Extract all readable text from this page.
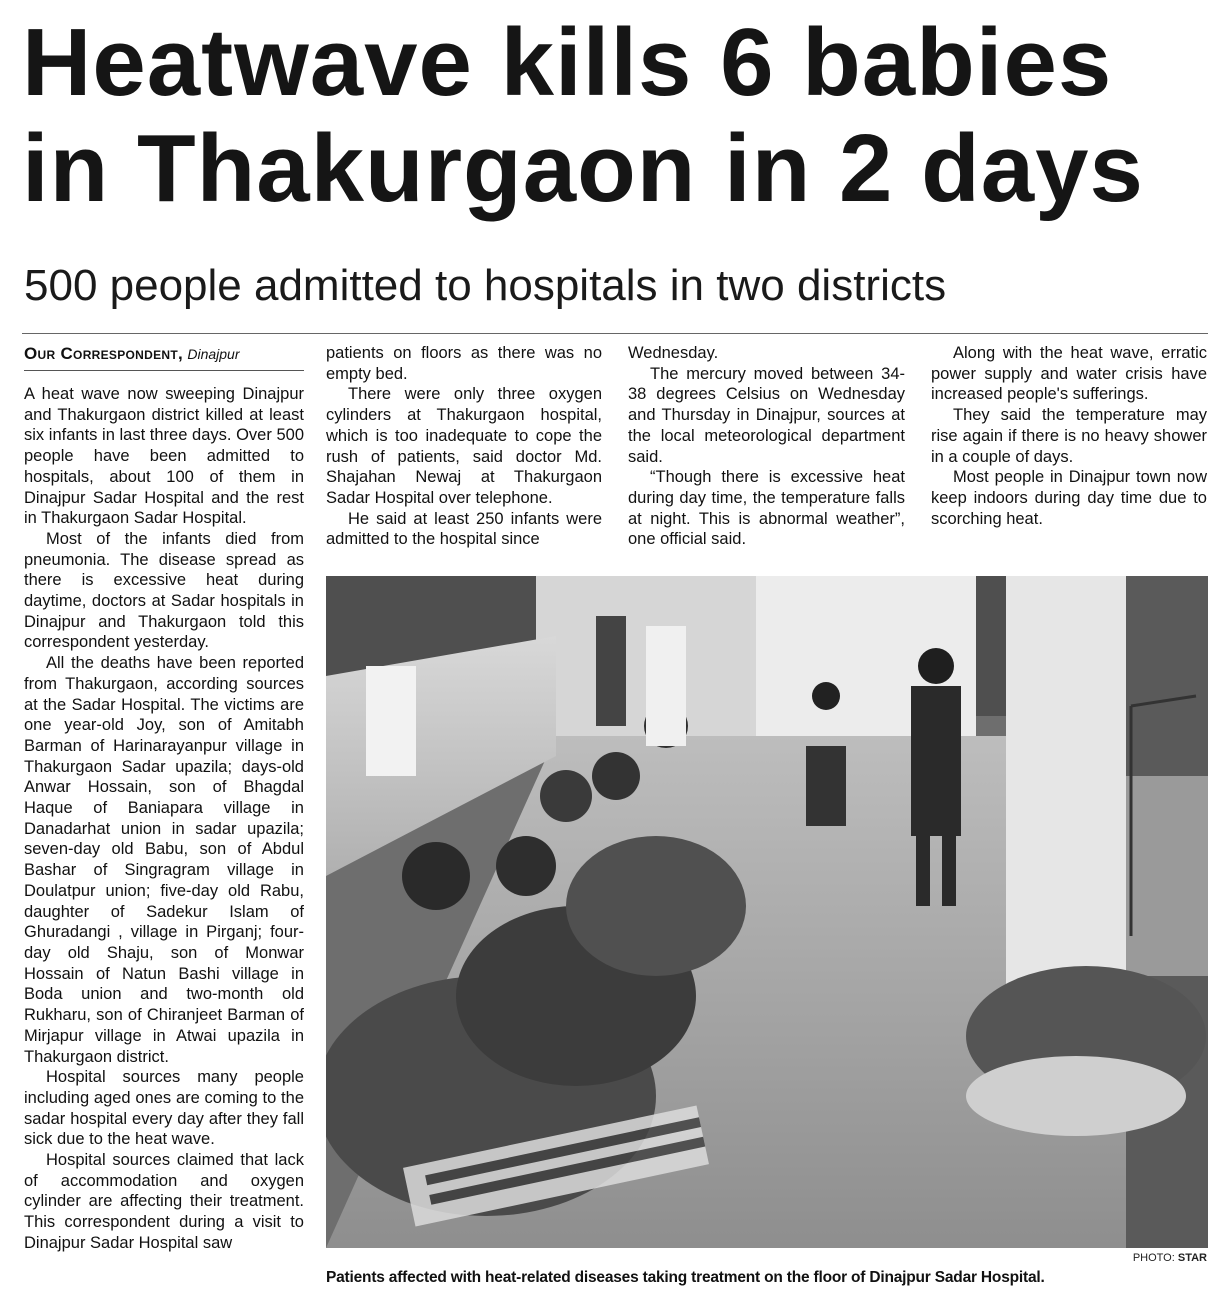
Heatwave kills 6 babies
in Thakurgaon in 2 days
500 people admitted to hospitals in two districts
Our Correspondent, Dinajpur

A heat wave now sweeping Dinajpur and Thakurgaon district killed at least six infants in last three days. Over 500 people have been admitted to hospitals, about 100 of them in Dinajpur Sadar Hospital and the rest in Thakurgaon Sadar Hospital.

Most of the infants died from pneumonia. The disease spread as there is excessive heat during daytime, doctors at Sadar hospitals in Dinajpur and Thakurgaon told this correspondent yesterday.

All the deaths have been reported from Thakurgaon, according sources at the Sadar Hospital. The victims are one year-old Joy, son of Amitabh Barman of Harinarayanpur village in Thakurgaon Sadar upazila; days-old Anwar Hossain, son of Bhagdal Haque of Baniapara village in Danadarhat union in sadar upazila; seven-day old Babu, son of Abdul Bashar of Singragram village in Doulatpur union; five-day old Rabu, daughter of Sadekur Islam of Ghuradangi , village in Pirganj; four-day old Shaju, son of Monwar Hossain of Natun Bashi village in Boda union and two-month old Rukharu, son of Chiranjeet Barman of Mirjapur village in Atwai upazila in Thakurgaon district.

Hospital sources many people including aged ones are coming to the sadar hospital every day after they fall sick due to the heat wave.

Hospital sources claimed that lack of accommodation and oxygen cylinder are affecting their treatment. This correspondent during a visit to Dinajpur Sadar Hospital saw

patients on floors as there was no empty bed.

There were only three oxygen cylinders at Thakurgaon hospital, which is too inadequate to cope the rush of patients, said doctor Md. Shajahan Newaj at Thakurgaon Sadar Hospital over telephone.

He said at least 250 infants were admitted to the hospital since

Wednesday.

The mercury moved between 34-38 degrees Celsius on Wednesday and Thursday in Dinajpur, sources at the local meteorological department said.

“Though there is excessive heat during day time, the temperature falls at night. This is abnormal weather”, one official said.

Along with the heat wave, erratic power supply and water crisis have increased people's sufferings.

They said the temperature may rise again if there is no heavy shower in a couple of days.

Most people in Dinajpur town now keep indoors during day time due to scorching heat.

PHOTO: STAR
Patients affected with heat-related diseases taking treatment on the floor of Dinajpur Sadar Hospital.
